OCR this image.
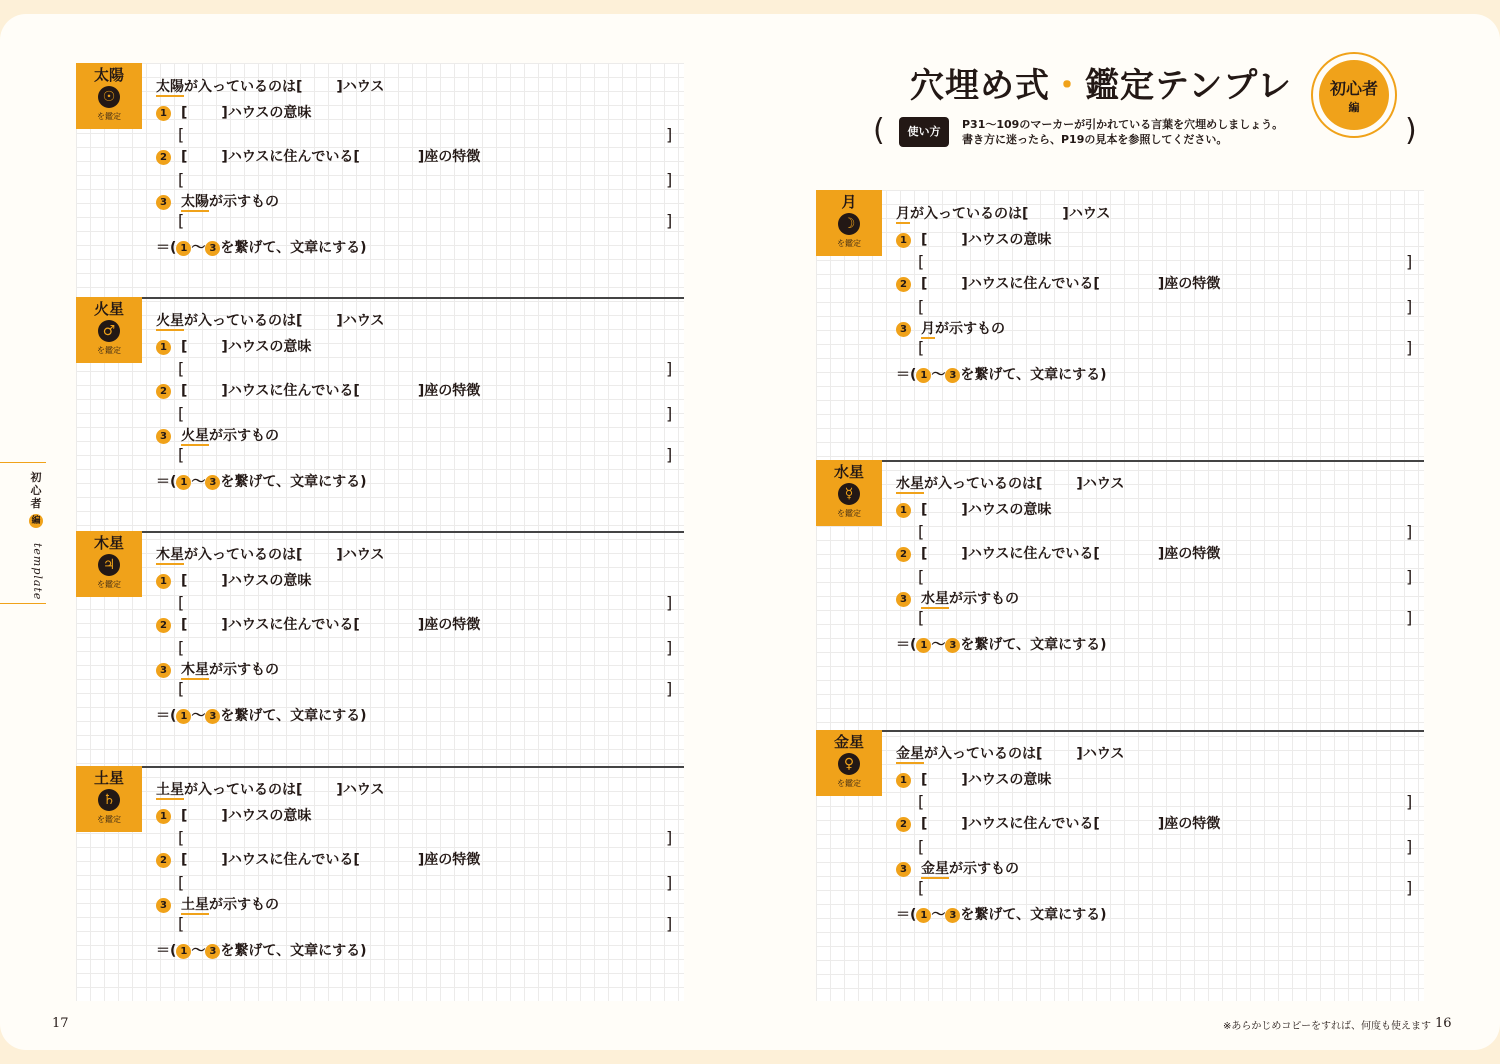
穴埋め式・鑑定テンプレ	初心者
編
(	)
使い方
P31～109のマーカーが引かれている言葉を穴埋めしましょう。
書き方に迷ったら、P19の見本を参照してください。
初
心
者
編
template
太陽
☉
を鑑定
太陽が入っているのは[ ]ハウス
1 [ ]ハウスの意味
[	]
2 [ ]ハウスに住んでいる[	]座の特徴
[	]
3 太陽が示すもの
[	]
＝( 1 ～ 3 を繋げて、文章にする)
火星
♂
を鑑定
火星が入っているのは[ ]ハウス
1 [ ]ハウスの意味
[	]
2 [ ]ハウスに住んでいる[	]座の特徴
[	]
3 火星が示すもの
[	]
＝( 1 ～ 3 を繋げて、文章にする)
木星
♃
を鑑定
木星が入っているのは[ ]ハウス
1 [ ]ハウスの意味
[	]
2 [ ]ハウスに住んでいる[	]座の特徴
[	]
3 木星が示すもの
[	]
＝( 1 ～ 3 を繋げて、文章にする)
土星
♄
を鑑定
土星が入っているのは[ ]ハウス
1 [ ]ハウスの意味
[	]
2 [ ]ハウスに住んでいる[	]座の特徴
[	]
3 土星が示すもの
[	]
＝( 1 ～ 3 を繋げて、文章にする)
月
☽
を鑑定
月が入っているのは[ ]ハウス
1 [ ]ハウスの意味
[	]
2 [ ]ハウスに住んでいる[	]座の特徴
[	]
3 月が示すもの
[	]
＝( 1 ～ 3 を繋げて、文章にする)
水星
☿
を鑑定
水星が入っているのは[ ]ハウス
1 [ ]ハウスの意味
[	]
2 [ ]ハウスに住んでいる[	]座の特徴
[	]
3 水星が示すもの
[	]
＝( 1 ～ 3 を繋げて、文章にする)
金星
♀
を鑑定
金星が入っているのは[ ]ハウス
1 [ ]ハウスの意味
[	]
2 [ ]ハウスに住んでいる[	]座の特徴
[	]
3 金星が示すもの
[	]
＝( 1 ～ 3 を繋げて、文章にする)
17	16
※あらかじめコピーをすれば、何度も使えます
